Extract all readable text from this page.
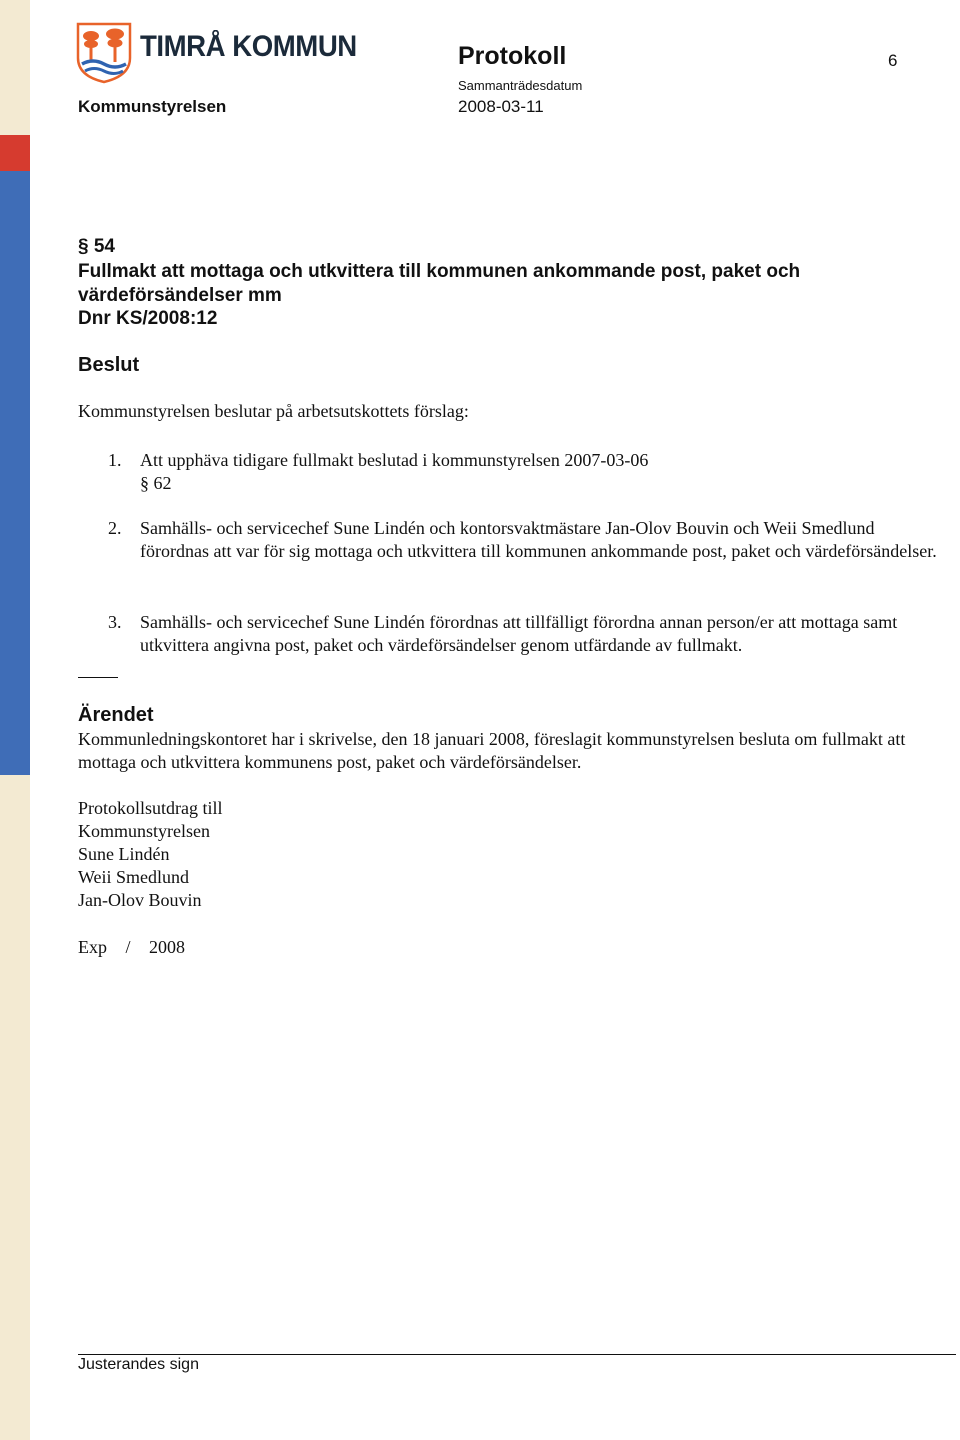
TIMRÅ KOMMUN	Protokoll	6
Kommunstyrelsen
Sammanträdesdatum
2008-03-11
§ 54
Fullmakt att mottaga och utkvittera till kommunen ankommande post, paket och värdeförsändelser mm
Dnr KS/2008:12
Beslut
Kommunstyrelsen beslutar på arbetsutskottets förslag:
1.	Att upphäva tidigare fullmakt beslutad i kommunstyrelsen 2007-03-06
§ 62
2.	Samhälls- och servicechef Sune Lindén och kontorsvaktmästare Jan-Olov Bouvin och Weii Smedlund förordnas att var för sig mottaga och utkvittera till kommunen ankommande post, paket och värdeförsändelser.
3.	Samhälls- och servicechef Sune Lindén förordnas att tillfälligt förordna annan person/er att mottaga samt utkvittera angivna post, paket och värdeförsändelser genom utfärdande av fullmakt.
Ärendet
Kommunledningskontoret har i skrivelse, den 18 januari 2008, föreslagit kommunstyrelsen besluta om fullmakt att mottaga och utkvittera kommunens post, paket och värdeförsändelser.
Protokollsutdrag till
Kommunstyrelsen
Sune Lindén
Weii Smedlund
Jan-Olov Bouvin
Exp / 2008
Justerandes sign
